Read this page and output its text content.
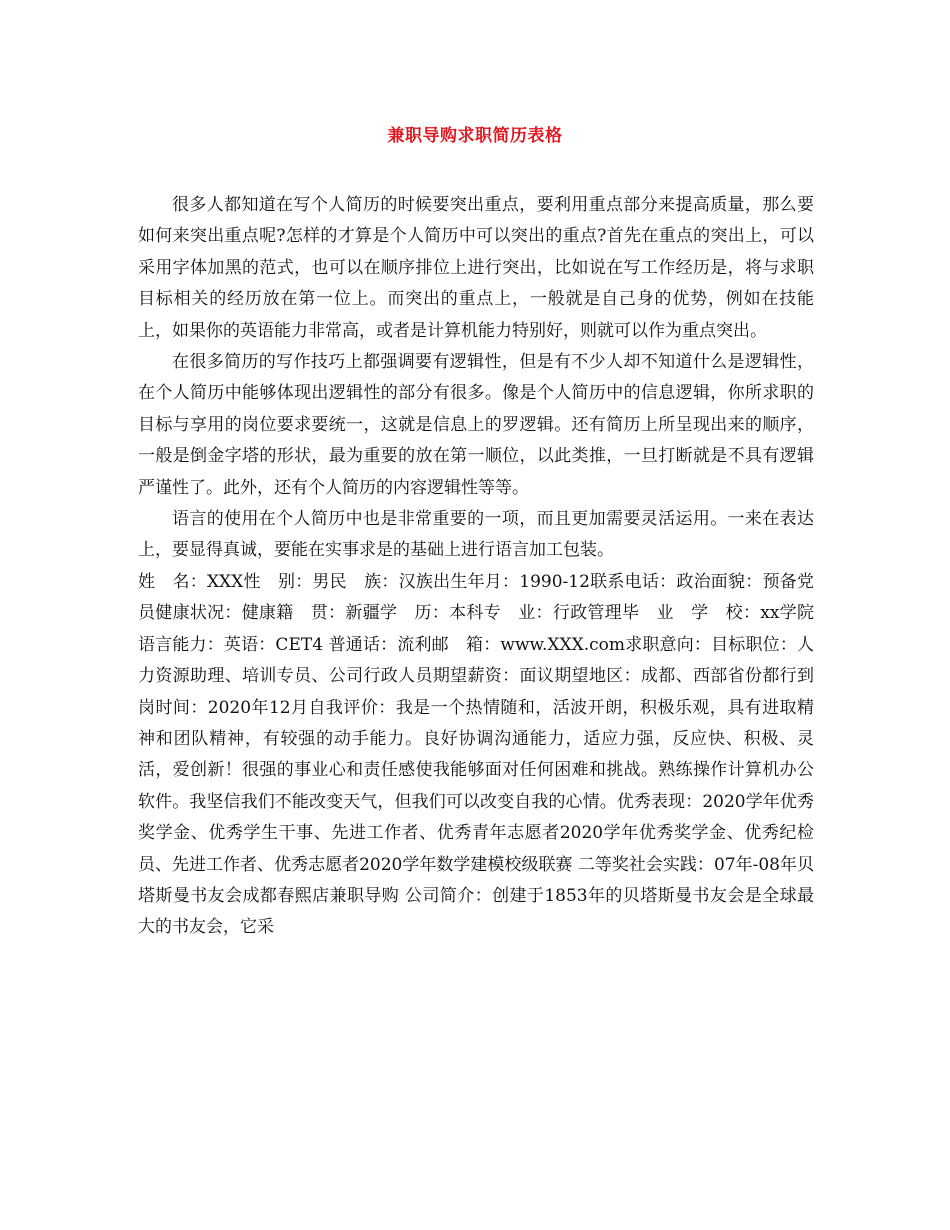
兼职导购求职简历表格

很多人都知道在写个人简历的时候要突出重点，要利用重点部分来提高质量，那么要如何来突出重点呢?怎样的才算是个人简历中可以突出的重点?首先在重点的突出上，可以采用字体加黑的范式，也可以在顺序排位上进行突出，比如说在写工作经历是，将与求职目标相关的经历放在第一位上。而突出的重点上，一般就是自己身的优势，例如在技能上，如果你的英语能力非常高，或者是计算机能力特别好，则就可以作为重点突出。

在很多简历的写作技巧上都强调要有逻辑性，但是有不少人却不知道什么是逻辑性，在个人简历中能够体现出逻辑性的部分有很多。像是个人简历中的信息逻辑，你所求职的目标与享用的岗位要求要统一，这就是信息上的罗逻辑。还有简历上所呈现出来的顺序，一般是倒金字塔的形状，最为重要的放在第一顺位，以此类推，一旦打断就是不具有逻辑严谨性了。此外，还有个人简历的内容逻辑性等等。

语言的使用在个人简历中也是非常重要的一项，而且更加需要灵活运用。一来在表达上，要显得真诚，要能在实事求是的基础上进行语言加工包装。

姓　名：XXX性　别：男民　族：汉族出生年月：1990-12联系电话：政治面貌：预备党员健康状况：健康籍　贯：新疆学　历：本科专　业：行政管理毕　业　学　校：xx学院语言能力：英语：CET4 普通话：流利邮　箱：www.XXX.com求职意向：目标职位：人力资源助理、培训专员、公司行政人员期望薪资：面议期望地区：成都、西部省份都行到岗时间：2020年12月自我评价：我是一个热情随和，活波开朗，积极乐观，具有进取精神和团队精神，有较强的动手能力。良好协调沟通能力，适应力强，反应快、积极、灵活，爱创新！很强的事业心和责任感使我能够面对任何困难和挑战。熟练操作计算机办公软件。我坚信我们不能改变天气，但我们可以改变自我的心情。优秀表现：2020学年优秀奖学金、优秀学生干事、先进工作者、优秀青年志愿者2020学年优秀奖学金、优秀纪检员、先进工作者、优秀志愿者2020学年数学建模校级联赛 二等奖社会实践：07年-08年贝塔斯曼书友会成都春熙店兼职导购 公司简介：创建于1853年的贝塔斯曼书友会是全球最大的书友会，它采
